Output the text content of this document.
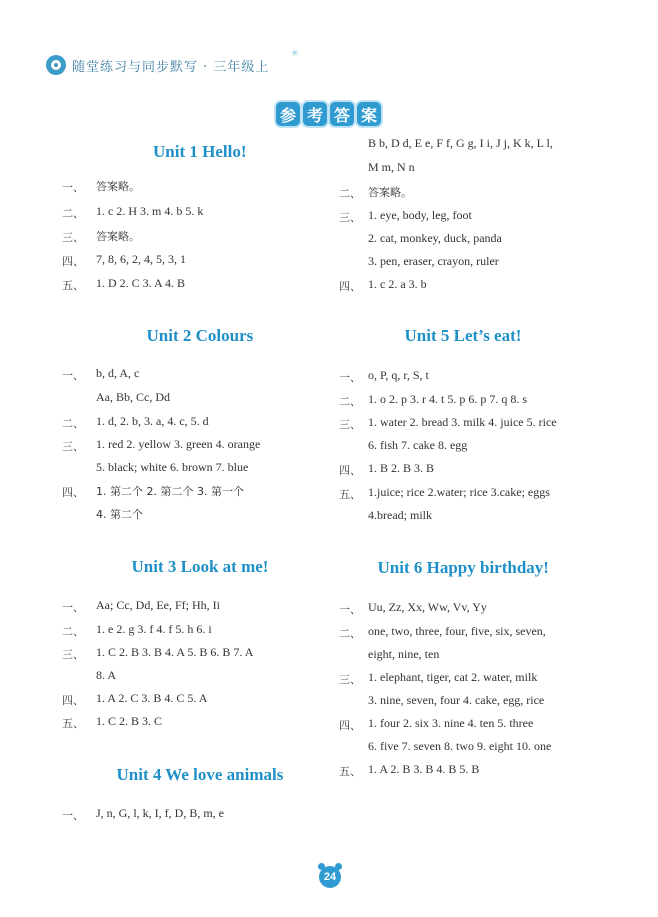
随堂练习与同步默写 · 三年级上
✳
参 考 答 案
Unit 1 Hello!
一、 答案略。
二、 1. c 2. H 3. m 4. b 5. k
三、 答案略。
四、 7, 8, 6, 2, 4, 5, 3, 1
五、 1. D 2. C 3. A 4. B
Unit 2 Colours
一、 b, d, A, c
Aa, Bb, Cc, Dd
二、 1. d, 2. b, 3. a, 4. c, 5. d
三、 1. red 2. yellow 3. green 4. orange
5. black; white 6. brown 7. blue
四、 1. 第二个 2. 第二个 3. 第一个
4. 第二个
Unit 3 Look at me!
一、 Aa; Cc, Dd, Ee, Ff; Hh, Ii
二、 1. e 2. g 3. f 4. f 5. h 6. i
三、 1. C 2. B 3. B 4. A 5. B 6. B 7. A
8. A
四、 1. A 2. C 3. B 4. C 5. A
五、 1. C 2. B 3. C
Unit 4 We love animals
一、 J, n, G, l, k, I, f, D, B, m, e
B b, D d, E e, F f, G g, I i, J j, K k, L l,
M m, N n
二、 答案略。
三、 1. eye, body, leg, foot
2. cat, monkey, duck, panda
3. pen, eraser, crayon, ruler
四、 1. c 2. a 3. b
Unit 5 Let’s eat!
一、 o, P, q, r, S, t
二、 1. o 2. p 3. r 4. t 5. p 6. p 7. q 8. s
三、 1. water 2. bread 3. milk 4. juice 5. rice
6. fish 7. cake 8. egg
四、 1. B 2. B 3. B
五、 1.juice; rice 2.water; rice 3.cake; eggs
4.bread; milk
Unit 6 Happy birthday!
一、 Uu, Zz, Xx, Ww, Vv, Yy
二、 one, two, three, four, five, six, seven,
eight, nine, ten
三、 1. elephant, tiger, cat 2. water, milk
3. nine, seven, four 4. cake, egg, rice
四、 1. four 2. six 3. nine 4. ten 5. three
6. five 7. seven 8. two 9. eight 10. one
五、 1. A 2. B 3. B 4. B 5. B
24
